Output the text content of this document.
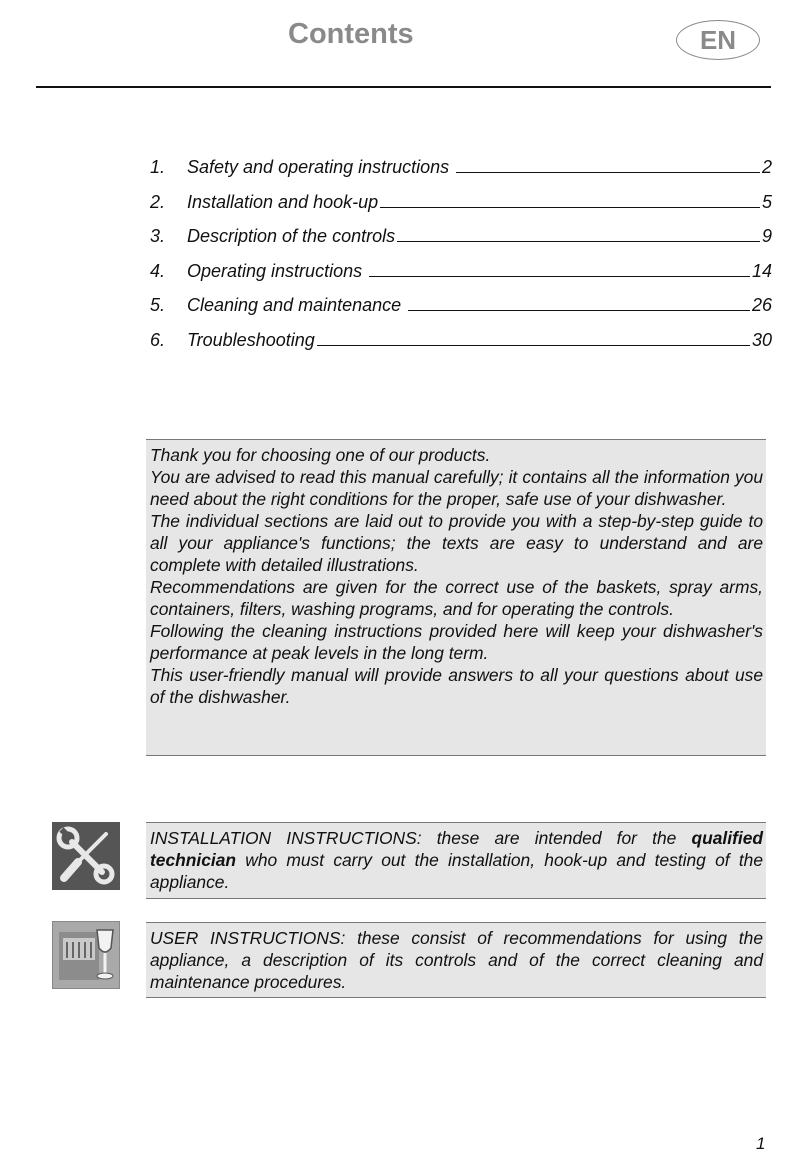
Contents	EN
1.	Safety and operating instructions	2
2.	Installation and hook-up	5
3.	Description of the controls	9
4.	Operating instructions	14
5.	Cleaning and maintenance	26
6.	Troubleshooting	30

Thank you for choosing one of our products.

You are advised to read this manual carefully; it contains all the information you need about the right conditions for the proper, safe use of your dishwasher.

The individual sections are laid out to provide you with a step-by-step guide to all your appliance's functions; the texts are easy to understand and are complete with detailed illustrations.

Recommendations are given for the correct use of the baskets, spray arms, containers, filters, washing programs, and for operating the controls.

Following the cleaning instructions provided here will keep your dishwasher's performance at peak levels in the long term.

This user-friendly manual will provide answers to all your questions about use of the dishwasher.

INSTALLATION INSTRUCTIONS: these are intended for the qualified technician who must carry out the installation, hook-up and testing of the appliance.

USER INSTRUCTIONS: these consist of recommendations for using the appliance, a description of its controls and of the correct cleaning and maintenance procedures.

1
